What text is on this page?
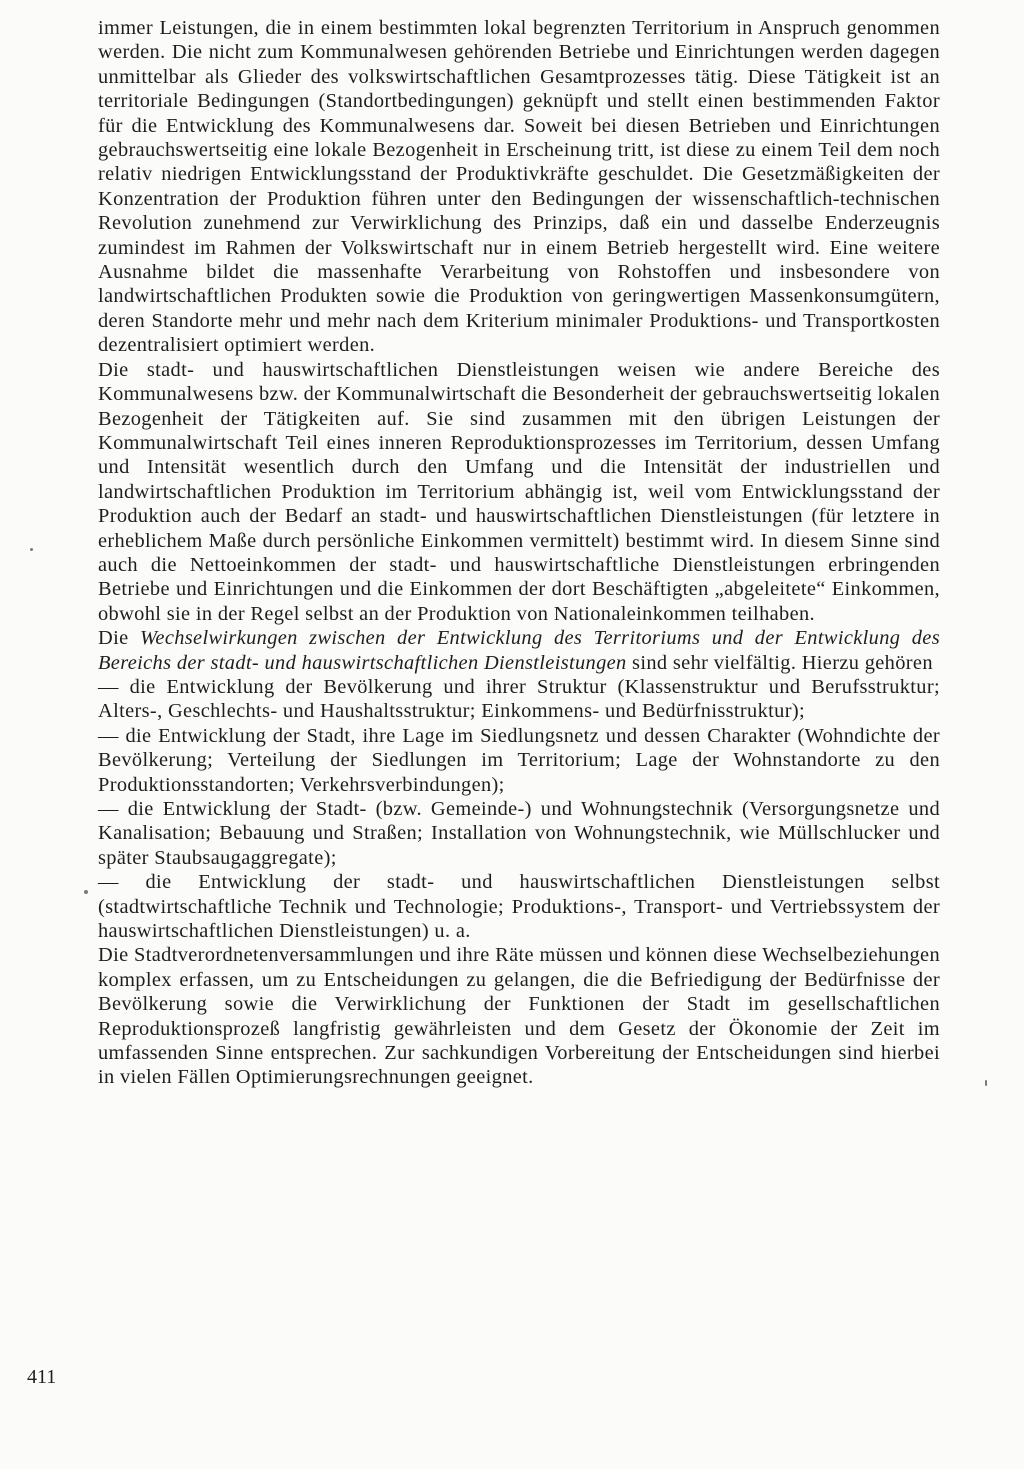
immer Leistungen, die in einem bestimmten lokal begrenzten Territorium in Anspruch genommen werden. Die nicht zum Kommunalwesen gehörenden Betriebe und Einrichtungen werden dagegen unmittelbar als Glieder des volkswirtschaftlichen Gesamtprozesses tätig. Diese Tätigkeit ist an territoriale Bedingungen (Standortbedingungen) geknüpft und stellt einen bestimmenden Faktor für die Entwicklung des Kommunalwesens dar. Soweit bei diesen Betrieben und Einrichtungen gebrauchswertseitig eine lokale Bezogenheit in Erscheinung tritt, ist diese zu einem Teil dem noch relativ niedrigen Entwicklungsstand der Produktivkräfte geschuldet. Die Gesetzmäßigkeiten der Konzentration der Produktion führen unter den Bedingungen der wissenschaftlich-technischen Revolution zunehmend zur Verwirklichung des Prinzips, daß ein und dasselbe Enderzeugnis zumindest im Rahmen der Volkswirtschaft nur in einem Betrieb hergestellt wird. Eine weitere Ausnahme bildet die massenhafte Verarbeitung von Rohstoffen und insbesondere von landwirtschaftlichen Produkten sowie die Produktion von geringwertigen Massenkonsumgütern, deren Standorte mehr und mehr nach dem Kriterium minimaler Produktions- und Transportkosten dezentralisiert optimiert werden.

Die stadt- und hauswirtschaftlichen Dienstleistungen weisen wie andere Bereiche des Kommunalwesens bzw. der Kommunalwirtschaft die Besonderheit der gebrauchswertseitig lokalen Bezogenheit der Tätigkeiten auf. Sie sind zusammen mit den übrigen Leistungen der Kommunalwirtschaft Teil eines inneren Reproduktionsprozesses im Territorium, dessen Umfang und Intensität wesentlich durch den Umfang und die Intensität der industriellen und landwirtschaftlichen Produktion im Territorium abhängig ist, weil vom Entwicklungsstand der Produktion auch der Bedarf an stadt- und hauswirtschaftlichen Dienstleistungen (für letztere in erheblichem Maße durch persönliche Einkommen vermittelt) bestimmt wird. In diesem Sinne sind auch die Nettoeinkommen der stadt- und hauswirtschaftliche Dienstleistungen erbringenden Betriebe und Einrichtungen und die Einkommen der dort Beschäftigten „abgeleitete“ Einkommen, obwohl sie in der Regel selbst an der Produktion von Nationaleinkommen teilhaben.

Die Wechselwirkungen zwischen der Entwicklung des Territoriums und der Entwicklung des Bereichs der stadt- und hauswirtschaftlichen Dienstleistungen sind sehr vielfältig. Hierzu gehören

— die Entwicklung der Bevölkerung und ihrer Struktur (Klassenstruktur und Berufsstruktur; Alters-, Geschlechts- und Haushaltsstruktur; Einkommens- und Bedürfnisstruktur);

— die Entwicklung der Stadt, ihre Lage im Siedlungsnetz und dessen Charakter (Wohndichte der Bevölkerung; Verteilung der Siedlungen im Territorium; Lage der Wohnstandorte zu den Produktionsstandorten; Verkehrsverbindungen);

— die Entwicklung der Stadt- (bzw. Gemeinde-) und Wohnungstechnik (Versorgungsnetze und Kanalisation; Bebauung und Straßen; Installation von Wohnungstechnik, wie Müllschlucker und später Staubsaugaggregate);

— die Entwicklung der stadt- und hauswirtschaftlichen Dienstleistungen selbst (stadtwirtschaftliche Technik und Technologie; Produktions-, Transport- und Vertriebssystem der hauswirtschaftlichen Dienstleistungen) u. a.

Die Stadtverordnetenversammlungen und ihre Räte müssen und können diese Wechselbeziehungen komplex erfassen, um zu Entscheidungen zu gelangen, die die Befriedigung der Bedürfnisse der Bevölkerung sowie die Verwirklichung der Funktionen der Stadt im gesellschaftlichen Reproduktionsprozeß langfristig gewährleisten und dem Gesetz der Ökonomie der Zeit im umfassenden Sinne entsprechen. Zur sachkundigen Vorbereitung der Entscheidungen sind hierbei in vielen Fällen Optimierungsrechnungen geeignet.

411
